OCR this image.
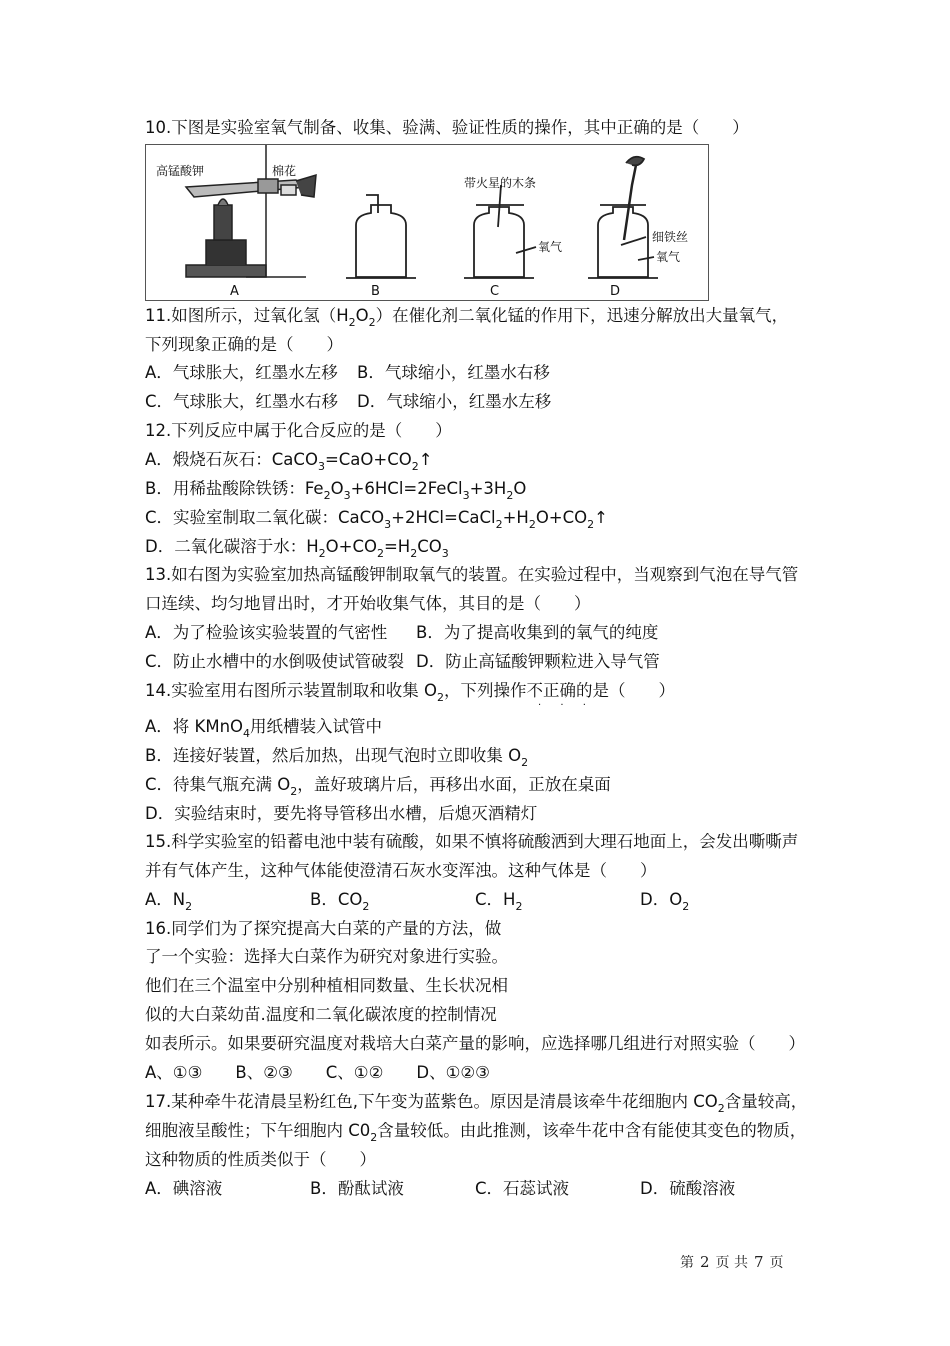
10.下图是实验室氧气制备、收集、验满、验证性质的操作，其中正确的是（　　）
高锰酸钾	棉花
A	B
带火星的木条
氧气
C
细铁丝
氧气
D
11.如图所示，过氧化氢$(H_2O_2)$在催化剂二氧化锰的作用下，迅速分解放出大量氧气，
下列现象正确的是（　　）
A．气球胀大，红墨水左移 B．气球缩小，红墨水右移
C．气球胀大，红墨水右移 D．气球缩小，红墨水左移
12.下列反应中属于化合反应的是（　　）
A．煅烧石灰石：$CaCO_3=CaO+CO_2↑$
B．用稀盐酸除铁锈：$Fe_2O_3+6HCl=2FeCl_3+3H_2O$
C．实验室制取二氧化碳：$CaCO_3+2HCl=CaCl_2+H_2O+CO_2↑$
D．二氧化碳溶于水：$H_2O+CO_2=H_2CO_3$
13.如右图为实验室加热高锰酸钾制取氧气的装置。在实验过程中，当观察到气泡在导气管
口连续、均匀地冒出时，才开始收集气体，其目的是（　　）
A．为了检验该实验装置的气密性 B．为了提高收集到的氧气的纯度
C．防止水槽中的水倒吸使试管破裂 D．防止高锰酸钾颗粒进入导气管
14.实验室用右图所示装置制取和收集 $O_2$，下列操作不正确的是（　　）
· · ·
A．将 KMnO$_4$用纸槽装入试管中
B．连接好装置，然后加热，出现气泡时立即收集 $O_2$
C．待集气瓶充满 $O_2$，盖好玻璃片后，再移出水面，正放在桌面
D．实验结束时，要先将导管移出水槽，后熄灭酒精灯
15.科学实验室的铅蓄电池中装有硫酸，如果不慎将硫酸洒到大理石地面上，会发出嘶嘶声
并有气体产生，这种气体能使澄清石灰水变浑浊。这种气体是（　　）
A．$N_2$	B．$CO_2$	C．$H_2$	D．$O_2$
16.同学们为了探究提高大白菜的产量的方法，做
了一个实验：选择大白菜作为研究对象进行实验。
他们在三个温室中分别种植相同数量、生长状况相
似的大白菜幼苗.温度和二氧化碳浓度的控制情况
如表所示。如果要研究温度对栽培大白菜产量的影响，应选择哪几组进行对照实验（　　）
A、①③　　B、②③　　C、①②　　D、①②③
17.某种牵牛花清晨呈粉红色,下午变为蓝紫色。原因是清晨该牵牛花细胞内 $CO_2$含量较高，
细胞液呈酸性；下午细胞内 $C0_2$含量较低。由此推测，该牵牛花中含有能使其变色的物质，
这种物质的性质类似于（　　）
A．碘溶液	B．酚酞试液	C．石蕊试液	D．硫酸溶液
第 2 页 共 7 页
